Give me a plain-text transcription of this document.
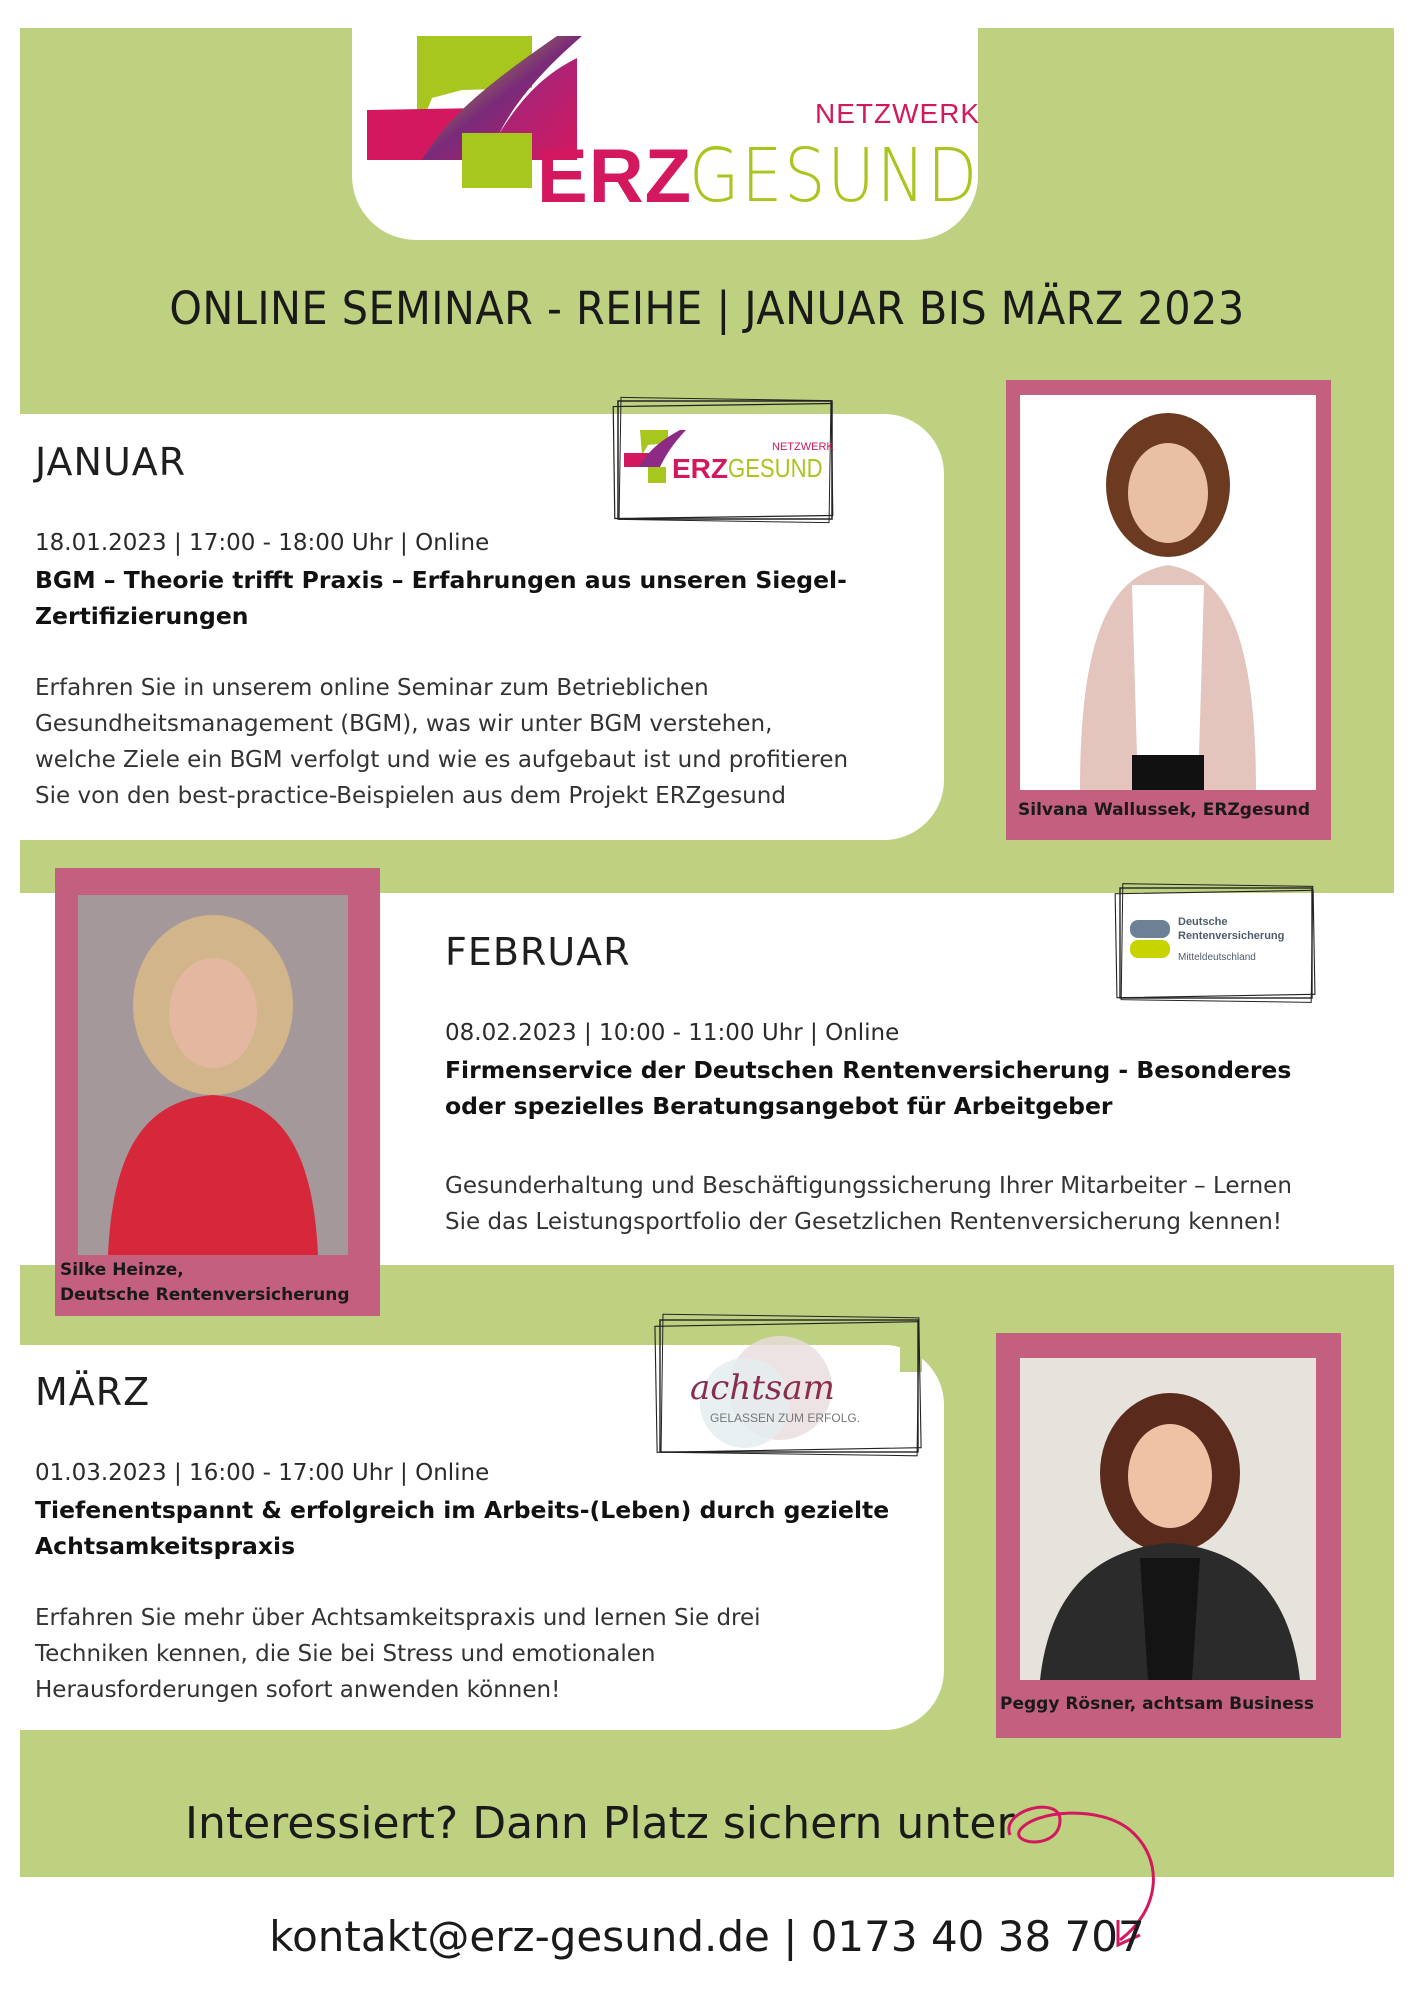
NETZWERK
ERZ
GESUND
ONLINE SEMINAR - REIHE | JANUAR BIS MÄRZ 2023
JANUAR
18.01.2023 | 17:00 - 18:00 Uhr | Online
BGM – Theorie trifft Praxis – Erfahrungen aus unseren Siegel-
Zertifizierungen
Erfahren Sie in unserem online Seminar zum Betrieblichen
Gesundheitsmanagement (BGM), was wir unter BGM verstehen,
welche Ziele ein BGM verfolgt und wie es aufgebaut ist und profitieren
Sie von den best-practice-Beispielen aus dem Projekt ERZgesund
ERZ GESUND
NETZWERK
Silvana Wallussek, ERZgesund
Silke Heinze,
Deutsche Rentenversicherung
FEBRUAR
08.02.2023 | 10:00 - 11:00 Uhr | Online
Firmenservice der Deutschen Rentenversicherung - Besonderes
oder spezielles Beratungsangebot für Arbeitgeber
Gesunderhaltung und Beschäftigungssicherung Ihrer Mitarbeiter – Lernen
Sie das Leistungsportfolio der Gesetzlichen Rentenversicherung kennen!
Deutsche
Rentenversicherung
Mitteldeutschland
MÄRZ
01.03.2023 | 16:00 - 17:00 Uhr | Online
Tiefenentspannt & erfolgreich im Arbeits-(Leben) durch gezielte
Achtsamkeitspraxis
Erfahren Sie mehr über Achtsamkeitspraxis und lernen Sie drei
Techniken kennen, die Sie bei Stress und emotionalen
Herausforderungen sofort anwenden können!
achtsam
GELASSEN ZUM ERFOLG.
Peggy Rösner, achtsam Business
Interessiert? Dann Platz sichern unter
kontakt@erz-gesund.de | 0173 40 38 707
